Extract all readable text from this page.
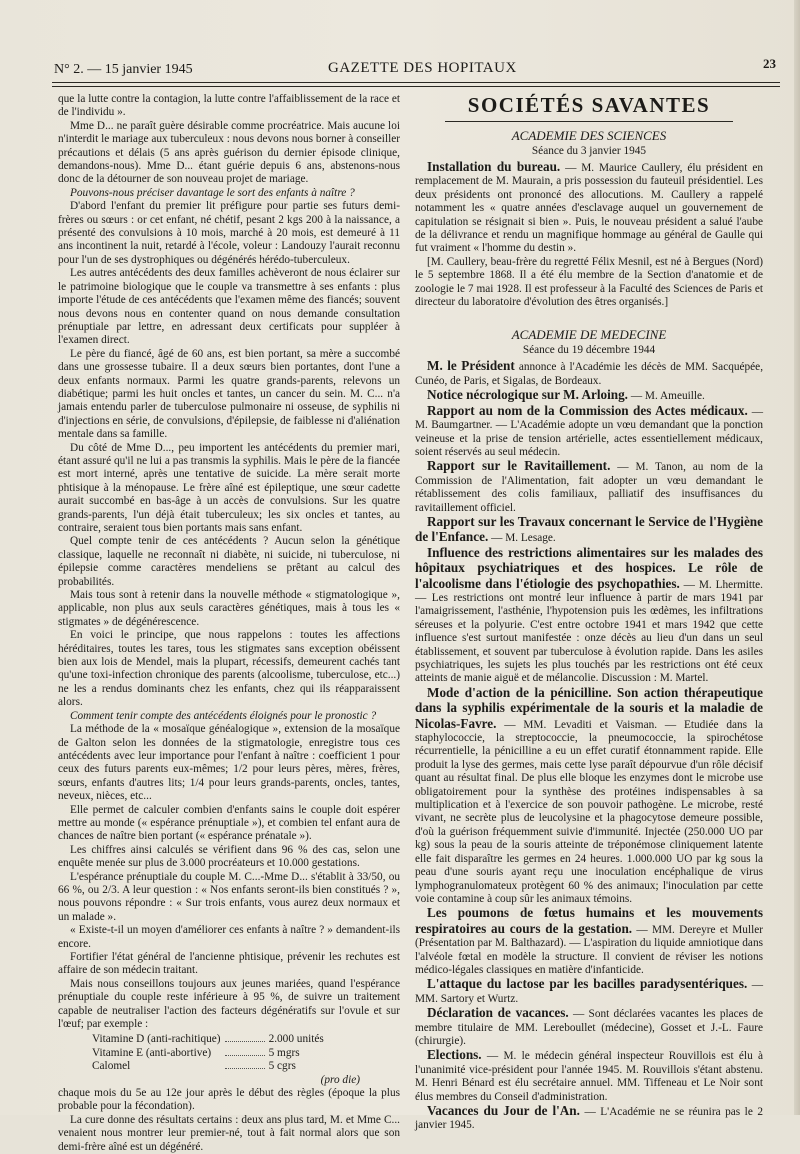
N° 2. — 15 janvier 1945	GAZETTE DES HOPITAUX	23

que la lutte contre la contagion, la lutte contre l'affaiblissement de la race et de l'individu ».

Mme D... ne paraît guère désirable comme procréatrice. Mais aucune loi n'interdit le mariage aux tuberculeux : nous devons nous borner à conseiller précautions et délais (5 ans après guérison du dernier épisode clinique, demandons-nous). Mme D... étant guérie depuis 6 ans, abstenons-nous donc de la détourner de son nouveau projet de mariage.

Pouvons-nous préciser davantage le sort des enfants à naître ?

D'abord l'enfant du premier lit préfigure pour partie ses futurs demi-frères ou sœurs : or cet enfant, né chétif, pesant 2 kgs 200 à la naissance, a présenté des convulsions à 10 mois, marché à 20 mois, est demeuré à 11 ans incontinent la nuit, retardé à l'école, voleur : Landouzy l'aurait reconnu pour l'un de ses dystrophiques ou dégénérés hérédo-tuberculeux.

Les autres antécédents des deux familles achèveront de nous éclairer sur le patrimoine biologique que le couple va transmettre à ses enfants : plus importe l'étude de ces antécédents que l'examen même des fiancés; souvent nous devons nous en contenter quand on nous demande consultation prénuptiale par lettre, en adressant deux certificats pour suppléer à l'examen direct.

Le père du fiancé, âgé de 60 ans, est bien portant, sa mère a succombé dans une grossesse tubaire. Il a deux sœurs bien portantes, dont l'une a deux enfants normaux. Parmi les quatre grands-parents, relevons un diabétique; parmi les huit oncles et tantes, un cancer du sein. M. C... n'a jamais entendu parler de tuberculose pulmonaire ni osseuse, de syphilis ni d'injections en série, de convulsions, d'épilepsie, de faiblesse ni d'aliénation mentale dans sa famille.

Du côté de Mme D..., peu importent les antécédents du premier mari, étant assuré qu'il ne lui a pas transmis la syphilis. Mais le père de la fiancée est mort interné, après une tentative de suicide. La mère serait morte phtisique à la ménopause. Le frère aîné est épileptique, une sœur cadette aurait succombé en bas-âge à un accès de convulsions. Sur les quatre grands-parents, l'un déjà était tuberculeux; les six oncles et tantes, au contraire, seraient tous bien portants mais sans enfant.

Quel compte tenir de ces antécédents ? Aucun selon la génétique classique, laquelle ne reconnaît ni diabète, ni suicide, ni tuberculose, ni épilepsie comme caractères mendeliens se prêtant au calcul des probabilités.

Mais tous sont à retenir dans la nouvelle méthode « stigmatologique », applicable, non plus aux seuls caractères génétiques, mais à tous les « stigmates » de dégénérescence.

En voici le principe, que nous rappelons : toutes les affections héréditaires, toutes les tares, tous les stigmates sans exception obéissent bien aux lois de Mendel, mais la plupart, récessifs, demeurent cachés tant qu'une toxi-infection chronique des parents (alcoolisme, tuberculose, etc...) ne les a rendus dominants chez les enfants, chez qui ils réapparaissent alors.

Comment tenir compte des antécédents éloignés pour le pronostic ?

La méthode de la « mosaïque généalogique », extension de la mosaïque de Galton selon les données de la stigmatologie, enregistre tous ces antécédents avec leur importance pour l'enfant à naître : coefficient 1 pour ceux des futurs parents eux-mêmes; 1/2 pour leurs pères, mères, frères, sœurs, enfants d'autres lits; 1/4 pour leurs grands-parents, oncles, tantes, neveux, nièces, etc...

Elle permet de calculer combien d'enfants sains le couple doit espérer mettre au monde (« espérance prénuptiale »), et combien tel enfant aura de chances de naître bien portant (« espérance prénatale »).

Les chiffres ainsi calculés se vérifient dans 96 % des cas, selon une enquête menée sur plus de 3.000 procréateurs et 10.000 gestations.

L'espérance prénuptiale du couple M. C...-Mme D... s'établit à 33/50, ou 66 %, ou 2/3. A leur question : « Nos enfants seront-ils bien constitués ? », nous pouvons répondre : « Sur trois enfants, vous aurez deux normaux et un malade ».

« Existe-t-il un moyen d'améliorer ces enfants à naître ? » demandent-ils encore.

Fortifier l'état général de l'ancienne phtisique, prévenir les rechutes est affaire de son médecin traitant.

Mais nous conseillons toujours aux jeunes mariées, quand l'espérance prénuptiale du couple reste inférieure à 95 %, de suivre un traitement capable de neutraliser l'action des facteurs dégénératifs sur l'ovule et sur l'œuf; par exemple :

Vitamine D (anti-rachitique)		2.000 unités
Vitamine E (anti-abortive)		5 mgrs
Calomel		5 cgrs
(pro die)

chaque mois du 5e au 12e jour après le début des règles (époque la plus probable pour la fécondation).

La cure donne des résultats certains : deux ans plus tard, M. et Mme C... venaient nous montrer leur premier-né, tout à fait normal alors que son demi-frère aîné est un dégénéré.

SOCIÉTÉS SAVANTES
ACADEMIE DES SCIENCES
Séance du 3 janvier 1945

Installation du bureau. — M. Maurice Caullery, élu président en remplacement de M. Maurain, a pris possession du fauteuil présidentiel. Les deux présidents ont prononcé des allocutions. M. Caullery a rappelé notamment les « quatre années d'esclavage auquel un gouvernement de capitulation se résignait si bien ». Puis, le nouveau président a salué l'aube de la délivrance et rendu un magnifique hommage au général de Gaulle qui fut vraiment « l'homme du destin ».

[M. Caullery, beau-frère du regretté Félix Mesnil, est né à Bergues (Nord) le 5 septembre 1868. Il a été élu membre de la Section d'anatomie et de zoologie le 7 mai 1928. Il est professeur à la Faculté des Sciences de Paris et directeur du laboratoire d'évolution des êtres organisés.]

ACADEMIE DE MEDECINE
Séance du 19 décembre 1944

M. le Président annonce à l'Académie les décès de MM. Sacquépée, Cunéo, de Paris, et Sigalas, de Bordeaux.

Notice nécrologique sur M. Arloing. — M. Ameuille.

Rapport au nom de la Commission des Actes médicaux. — M. Baumgartner. — L'Académie adopte un vœu demandant que la ponction veineuse et la prise de tension artérielle, actes essentiellement médicaux, soient réservés au seul médecin.

Rapport sur le Ravitaillement. — M. Tanon, au nom de la Commission de l'Alimentation, fait adopter un vœu demandant le rétablissement des colis familiaux, palliatif des insuffisances du ravitaillement officiel.

Rapport sur les Travaux concernant le Service de l'Hygiène de l'Enfance. — M. Lesage.

Influence des restrictions alimentaires sur les malades des hôpitaux psychiatriques et des hospices. Le rôle de l'alcoolisme dans l'étiologie des psychopathies. — M. Lhermitte. — Les restrictions ont montré leur influence à partir de mars 1941 par l'amaigrissement, l'asthénie, l'hypotension puis les œdèmes, les infiltrations séreuses et la polyurie. C'est entre octobre 1941 et mars 1942 que cette influence s'est surtout manifestée : onze décès au lieu d'un dans un seul établissement, et souvent par tuberculose à évolution rapide. Dans les asiles psychiatriques, les sujets les plus touchés par les restrictions ont été ceux atteints de manie aiguë et de mélancolie. Discussion : M. Martel.

Mode d'action de la pénicilline. Son action thérapeutique dans la syphilis expérimentale de la souris et la maladie de Nicolas-Favre. — MM. Levaditi et Vaisman. — Etudiée dans la staphylococcie, la streptococcie, la pneumococcie, la spirochétose récurrentielle, la pénicilline a eu un effet curatif étonnamment rapide. Elle produit la lyse des germes, mais cette lyse paraît dépourvue d'un rôle décisif quant au résultat final. De plus elle bloque les enzymes dont le microbe use obligatoirement pour la synthèse des protéines indispensables à sa multiplication et à l'exercice de son pouvoir pathogène. Le microbe, resté vivant, ne secrète plus de leucolysine et la phagocytose demeure possible, d'où la guérison fréquemment suivie d'immunité. Injectée (250.000 UO par kg) sous la peau de la souris atteinte de tréponémose cliniquement latente elle fait disparaître les germes en 24 heures. 1.000.000 UO par kg sous la peau d'une souris ayant reçu une inoculation encéphalique de virus lymphogranulomateux protègent 60 % des animaux; l'inoculation par cette voie contamine à coup sûr les animaux témoins.

Les poumons de fœtus humains et les mouvements respiratoires au cours de la gestation. — MM. Dereyre et Muller (Présentation par M. Balthazard). — L'aspiration du liquide amniotique dans l'alvéole fœtal en modèle la structure. Il convient de réviser les notions médico-légales classiques en matière d'infanticide.

L'attaque du lactose par les bacilles paradysentériques. — MM. Sartory et Wurtz.

Déclaration de vacances. — Sont déclarées vacantes les places de membre titulaire de MM. Lereboullet (médecine), Gosset et J.-L. Faure (chirurgie).

Elections. — M. le médecin général inspecteur Rouvillois est élu à l'unanimité vice-président pour l'année 1945. M. Rouvillois s'étant abstenu. M. Henri Bénard est élu secrétaire annuel. MM. Tiffeneau et Le Noir sont élus membres du Conseil d'administration.

Vacances du Jour de l'An. — L'Académie ne se réunira pas le 2 janvier 1945.
